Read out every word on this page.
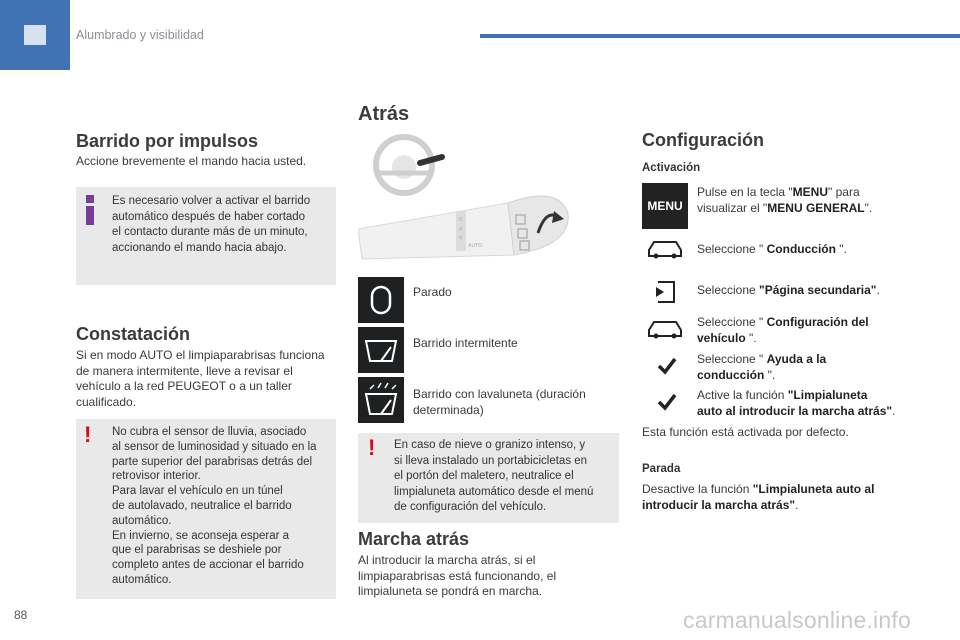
Alumbrado y visibilidad
Barrido por impulsos
Accione brevemente el mando hacia usted.
Es necesario volver a activar el barrido
automático después de haber cortado
el contacto durante más de un minuto,
accionando el mando hacia abajo.
Constatación
Si en modo AUTO el limpiaparabrisas funciona
de manera intermitente, lleve a revisar el
vehículo a la red PEUGEOT o a un taller
cualificado.
! No cubra el sensor de lluvia, asociado
al sensor de luminosidad y situado en la
parte superior del parabrisas detrás del
retrovisor interior.
Para lavar el vehículo en un túnel
de autolavado, neutralice el barrido
automático.
En invierno, se aconseja esperar a
que el parabrisas se deshiele por
completo antes de accionar el barrido
automático.
Atrás
0
o
o
AUTO
Parado
Barrido intermitente
Barrido con lavaluneta (duración
determinada)
! En caso de nieve o granizo intenso, y
si lleva instalado un portabicicletas en
el portón del maletero, neutralice el
limpialuneta automático desde el menú
de configuración del vehículo.
Marcha atrás
Al introducir la marcha atrás, si el
limpiaparabrisas está funcionando, el
limpialuneta se pondrá en marcha.
Configuración
Activación
MENU
Pulse en la tecla "MENU" para
visualizar el "MENU GENERAL".
Seleccione " Conducción ".
Seleccione "Página secundaria".
Seleccione " Configuración del
vehículo ".
Seleccione " Ayuda a la
conducción ".
Active la función "Limpialuneta
auto al introducir la marcha atrás".
Esta función está activada por defecto.
Parada
Desactive la función "Limpialuneta auto al
introducir la marcha atrás".
88	carmanualsonline.info
